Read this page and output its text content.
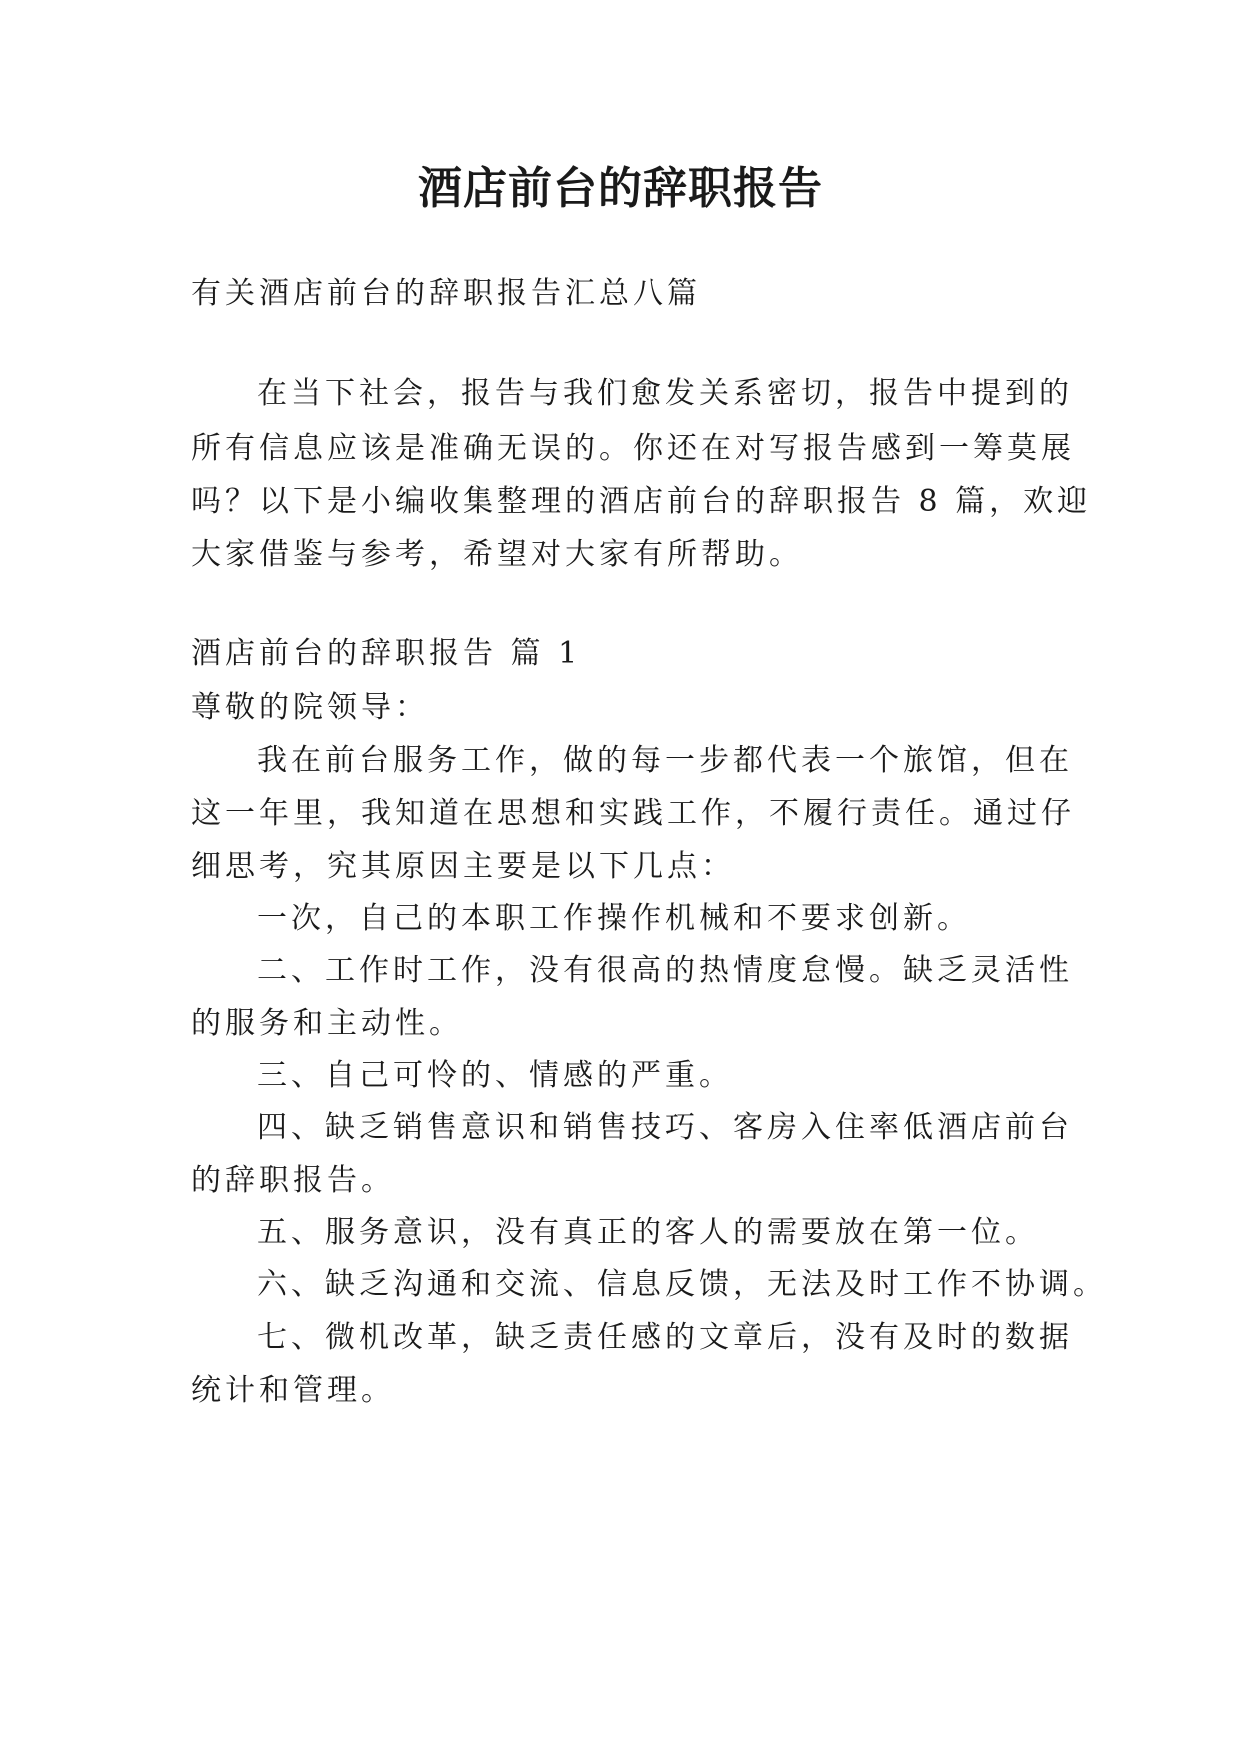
酒店前台的辞职报告

有关酒店前台的辞职报告汇总八篇

在当下社会，报告与我们愈发关系密切，报告中提到的

所有信息应该是准确无误的。你还在对写报告感到一筹莫展

吗？以下是小编收集整理的酒店前台的辞职报告 8 篇，欢迎

大家借鉴与参考，希望对大家有所帮助。

酒店前台的辞职报告 篇 1

尊敬的院领导：

我在前台服务工作，做的每一步都代表一个旅馆，但在

这一年里，我知道在思想和实践工作，不履行责任。通过仔

细思考，究其原因主要是以下几点：

一次，自己的本职工作操作机械和不要求创新。

二、工作时工作，没有很高的热情度怠慢。缺乏灵活性

的服务和主动性。

三、自己可怜的、情感的严重。

四、缺乏销售意识和销售技巧、客房入住率低酒店前台

的辞职报告。

五、服务意识，没有真正的客人的需要放在第一位。

六、缺乏沟通和交流、信息反馈，无法及时工作不协调。

七、微机改革，缺乏责任感的文章后，没有及时的数据

统计和管理。
